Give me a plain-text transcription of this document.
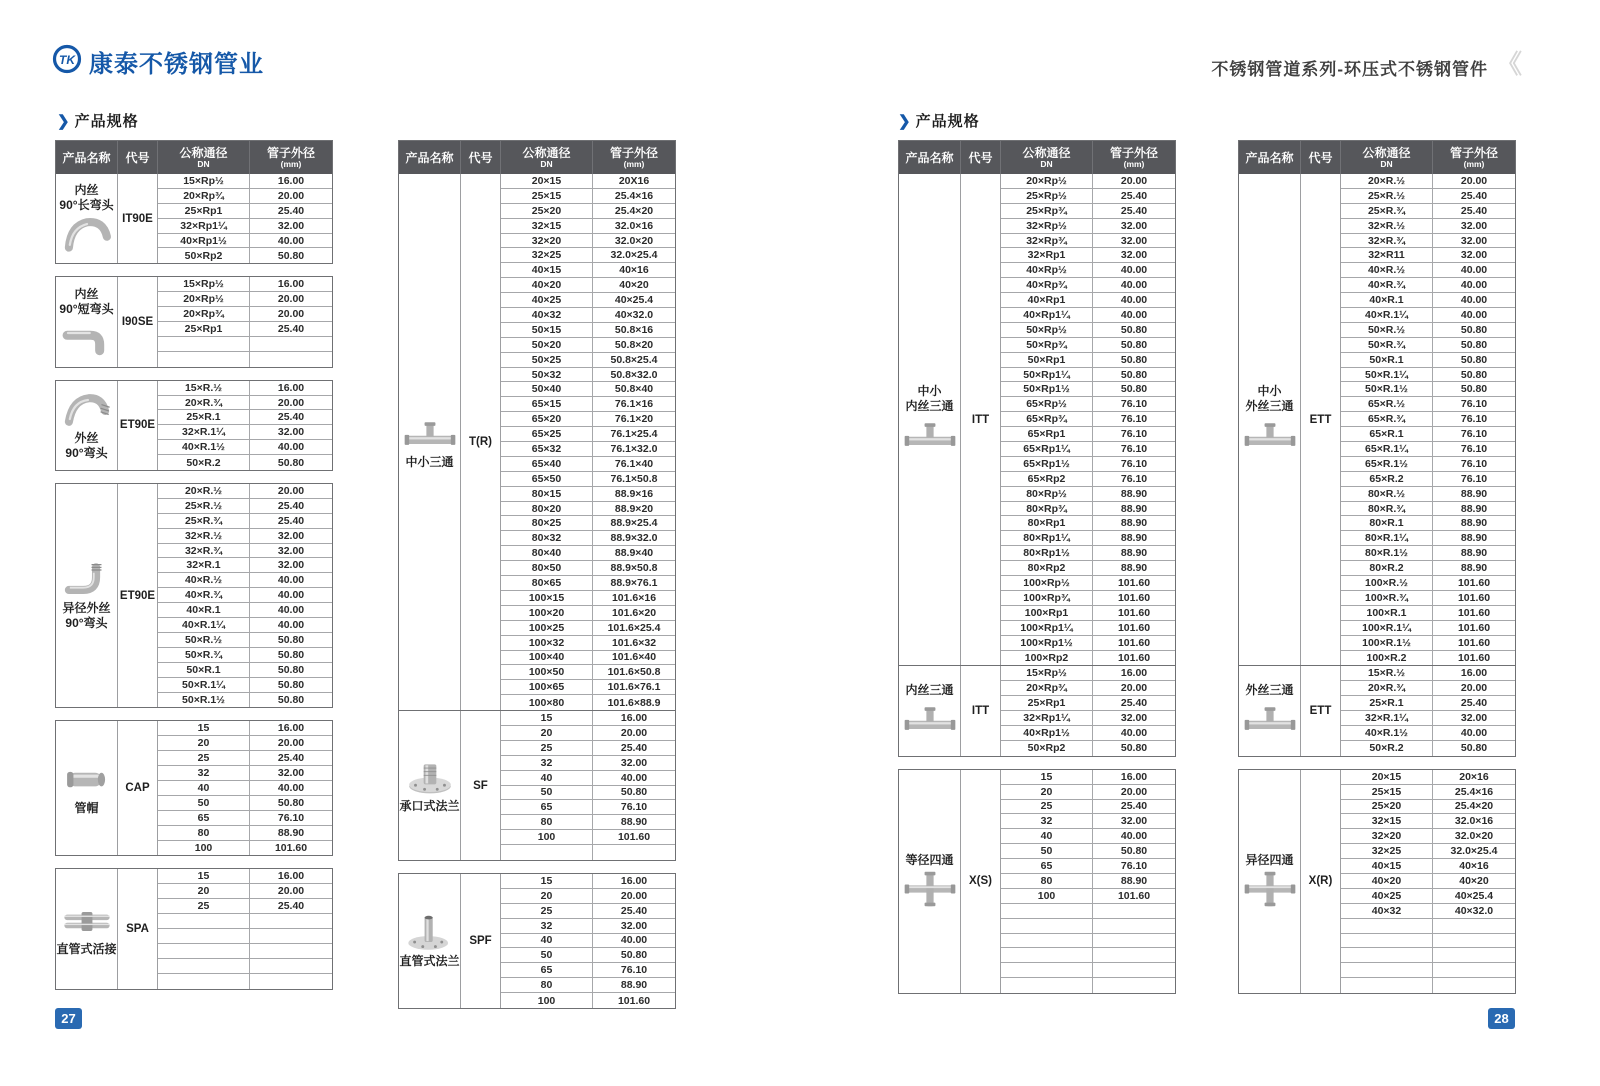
TK 康泰不锈钢管业	不锈钢管道系列-环压式不锈钢管件 《
❯ 产品规格	❯ 产品规格
产品名称	代号	公称通径
DN
管子外径
(mm)
内丝
90°长弯头
IT90E
15×Rp½	16.00
20×Rp¾	20.00
25×Rp1	25.40
32×Rp1¼	32.00
40×Rp1½	40.00
50×Rp2	50.80
内丝
90°短弯头
I90SE
15×Rp½	16.00
20×Rp½	20.00
20×Rp¾	20.00
25×Rp1	25.40
外丝
90°弯头
ET90E
15×R.½	16.00
20×R.¾	20.00
25×R.1	25.40
32×R.1¼	32.00
40×R.1½	40.00
50×R.2	50.80
异径外丝
90°弯头
ET90E
20×R.½	20.00
25×R.½	25.40
25×R.¾	25.40
32×R.½	32.00
32×R.¾	32.00
32×R.1	32.00
40×R.½	40.00
40×R.¾	40.00
40×R.1	40.00
40×R.1¼	40.00
50×R.½	50.80
50×R.¾	50.80
50×R.1	50.80
50×R.1¼	50.80
50×R.1½	50.80
管帽
CAP
15	16.00
20	20.00
25	25.40
32	32.00
40	40.00
50	50.80
65	76.10
80	88.90
100	101.60
直管式活接
SPA
15	16.00
20	20.00
25	25.40
产品名称	代号	公称通径
DN
管子外径
(mm)
中小三通
T(R)
20×15	20X16
25×15	25.4×16
25×20	25.4×20
32×15	32.0×16
32×20	32.0×20
32×25	32.0×25.4
40×15	40×16
40×20	40×20
40×25	40×25.4
40×32	40×32.0
50×15	50.8×16
50×20	50.8×20
50×25	50.8×25.4
50×32	50.8×32.0
50×40	50.8×40
65×15	76.1×16
65×20	76.1×20
65×25	76.1×25.4
65×32	76.1×32.0
65×40	76.1×40
65×50	76.1×50.8
80×15	88.9×16
80×20	88.9×20
80×25	88.9×25.4
80×32	88.9×32.0
80×40	88.9×40
80×50	88.9×50.8
80×65	88.9×76.1
100×15	101.6×16
100×20	101.6×20
100×25	101.6×25.4
100×32	101.6×32
100×40	101.6×40
100×50	101.6×50.8
100×65	101.6×76.1
100×80	101.6×88.9
承口式法兰
SF
15	16.00
20	20.00
25	25.40
32	32.00
40	40.00
50	50.80
65	76.10
80	88.90
100	101.60
直管式法兰
SPF
15	16.00
20	20.00
25	25.40
32	32.00
40	40.00
50	50.80
65	76.10
80	88.90
100	101.60
产品名称	代号	公称通径
DN
管子外径
(mm)
中小
内丝三通
ITT
20×Rp½	20.00
25×Rp½	25.40
25×Rp¾	25.40
32×Rp½	32.00
32×Rp¾	32.00
32×Rp1	32.00
40×Rp½	40.00
40×Rp¾	40.00
40×Rp1	40.00
40×Rp1¼	40.00
50×Rp½	50.80
50×Rp¾	50.80
50×Rp1	50.80
50×Rp1¼	50.80
50×Rp1½	50.80
65×Rp½	76.10
65×Rp¾	76.10
65×Rp1	76.10
65×Rp1¼	76.10
65×Rp1½	76.10
65×Rp2	76.10
80×Rp½	88.90
80×Rp¾	88.90
80×Rp1	88.90
80×Rp1¼	88.90
80×Rp1½	88.90
80×Rp2	88.90
100×Rp½	101.60
100×Rp¾	101.60
100×Rp1	101.60
100×Rp1¼	101.60
100×Rp1½	101.60
100×Rp2	101.60
内丝三通
ITT
15×Rp½	16.00
20×Rp¾	20.00
25×Rp1	25.40
32×Rp1¼	32.00
40×Rp1½	40.00
50×Rp2	50.80
等径四通
X(S)
15	16.00
20	20.00
25	25.40
32	32.00
40	40.00
50	50.80
65	76.10
80	88.90
100	101.60
产品名称	代号	公称通径
DN
管子外径
(mm)
中小
外丝三通
ETT
20×R.½	20.00
25×R.½	25.40
25×R.¾	25.40
32×R.½	32.00
32×R.¾	32.00
32×R11	32.00
40×R.½	40.00
40×R.¾	40.00
40×R.1	40.00
40×R.1¼	40.00
50×R.½	50.80
50×R.¾	50.80
50×R.1	50.80
50×R.1¼	50.80
50×R.1½	50.80
65×R.½	76.10
65×R.¾	76.10
65×R.1	76.10
65×R.1¼	76.10
65×R.1½	76.10
65×R.2	76.10
80×R.½	88.90
80×R.¾	88.90
80×R.1	88.90
80×R.1¼	88.90
80×R.1½	88.90
80×R.2	88.90
100×R.½	101.60
100×R.¾	101.60
100×R.1	101.60
100×R.1¼	101.60
100×R.1½	101.60
100×R.2	101.60
外丝三通
ETT
15×R.½	16.00
20×R.¾	20.00
25×R.1	25.40
32×R.1¼	32.00
40×R.1½	40.00
50×R.2	50.80
异径四通
X(R)
20×15	20×16
25×15	25.4×16
25×20	25.4×20
32×15	32.0×16
32×20	32.0×20
32×25	32.0×25.4
40×15	40×16
40×20	40×20
40×25	40×25.4
40×32	40×32.0
27	28
